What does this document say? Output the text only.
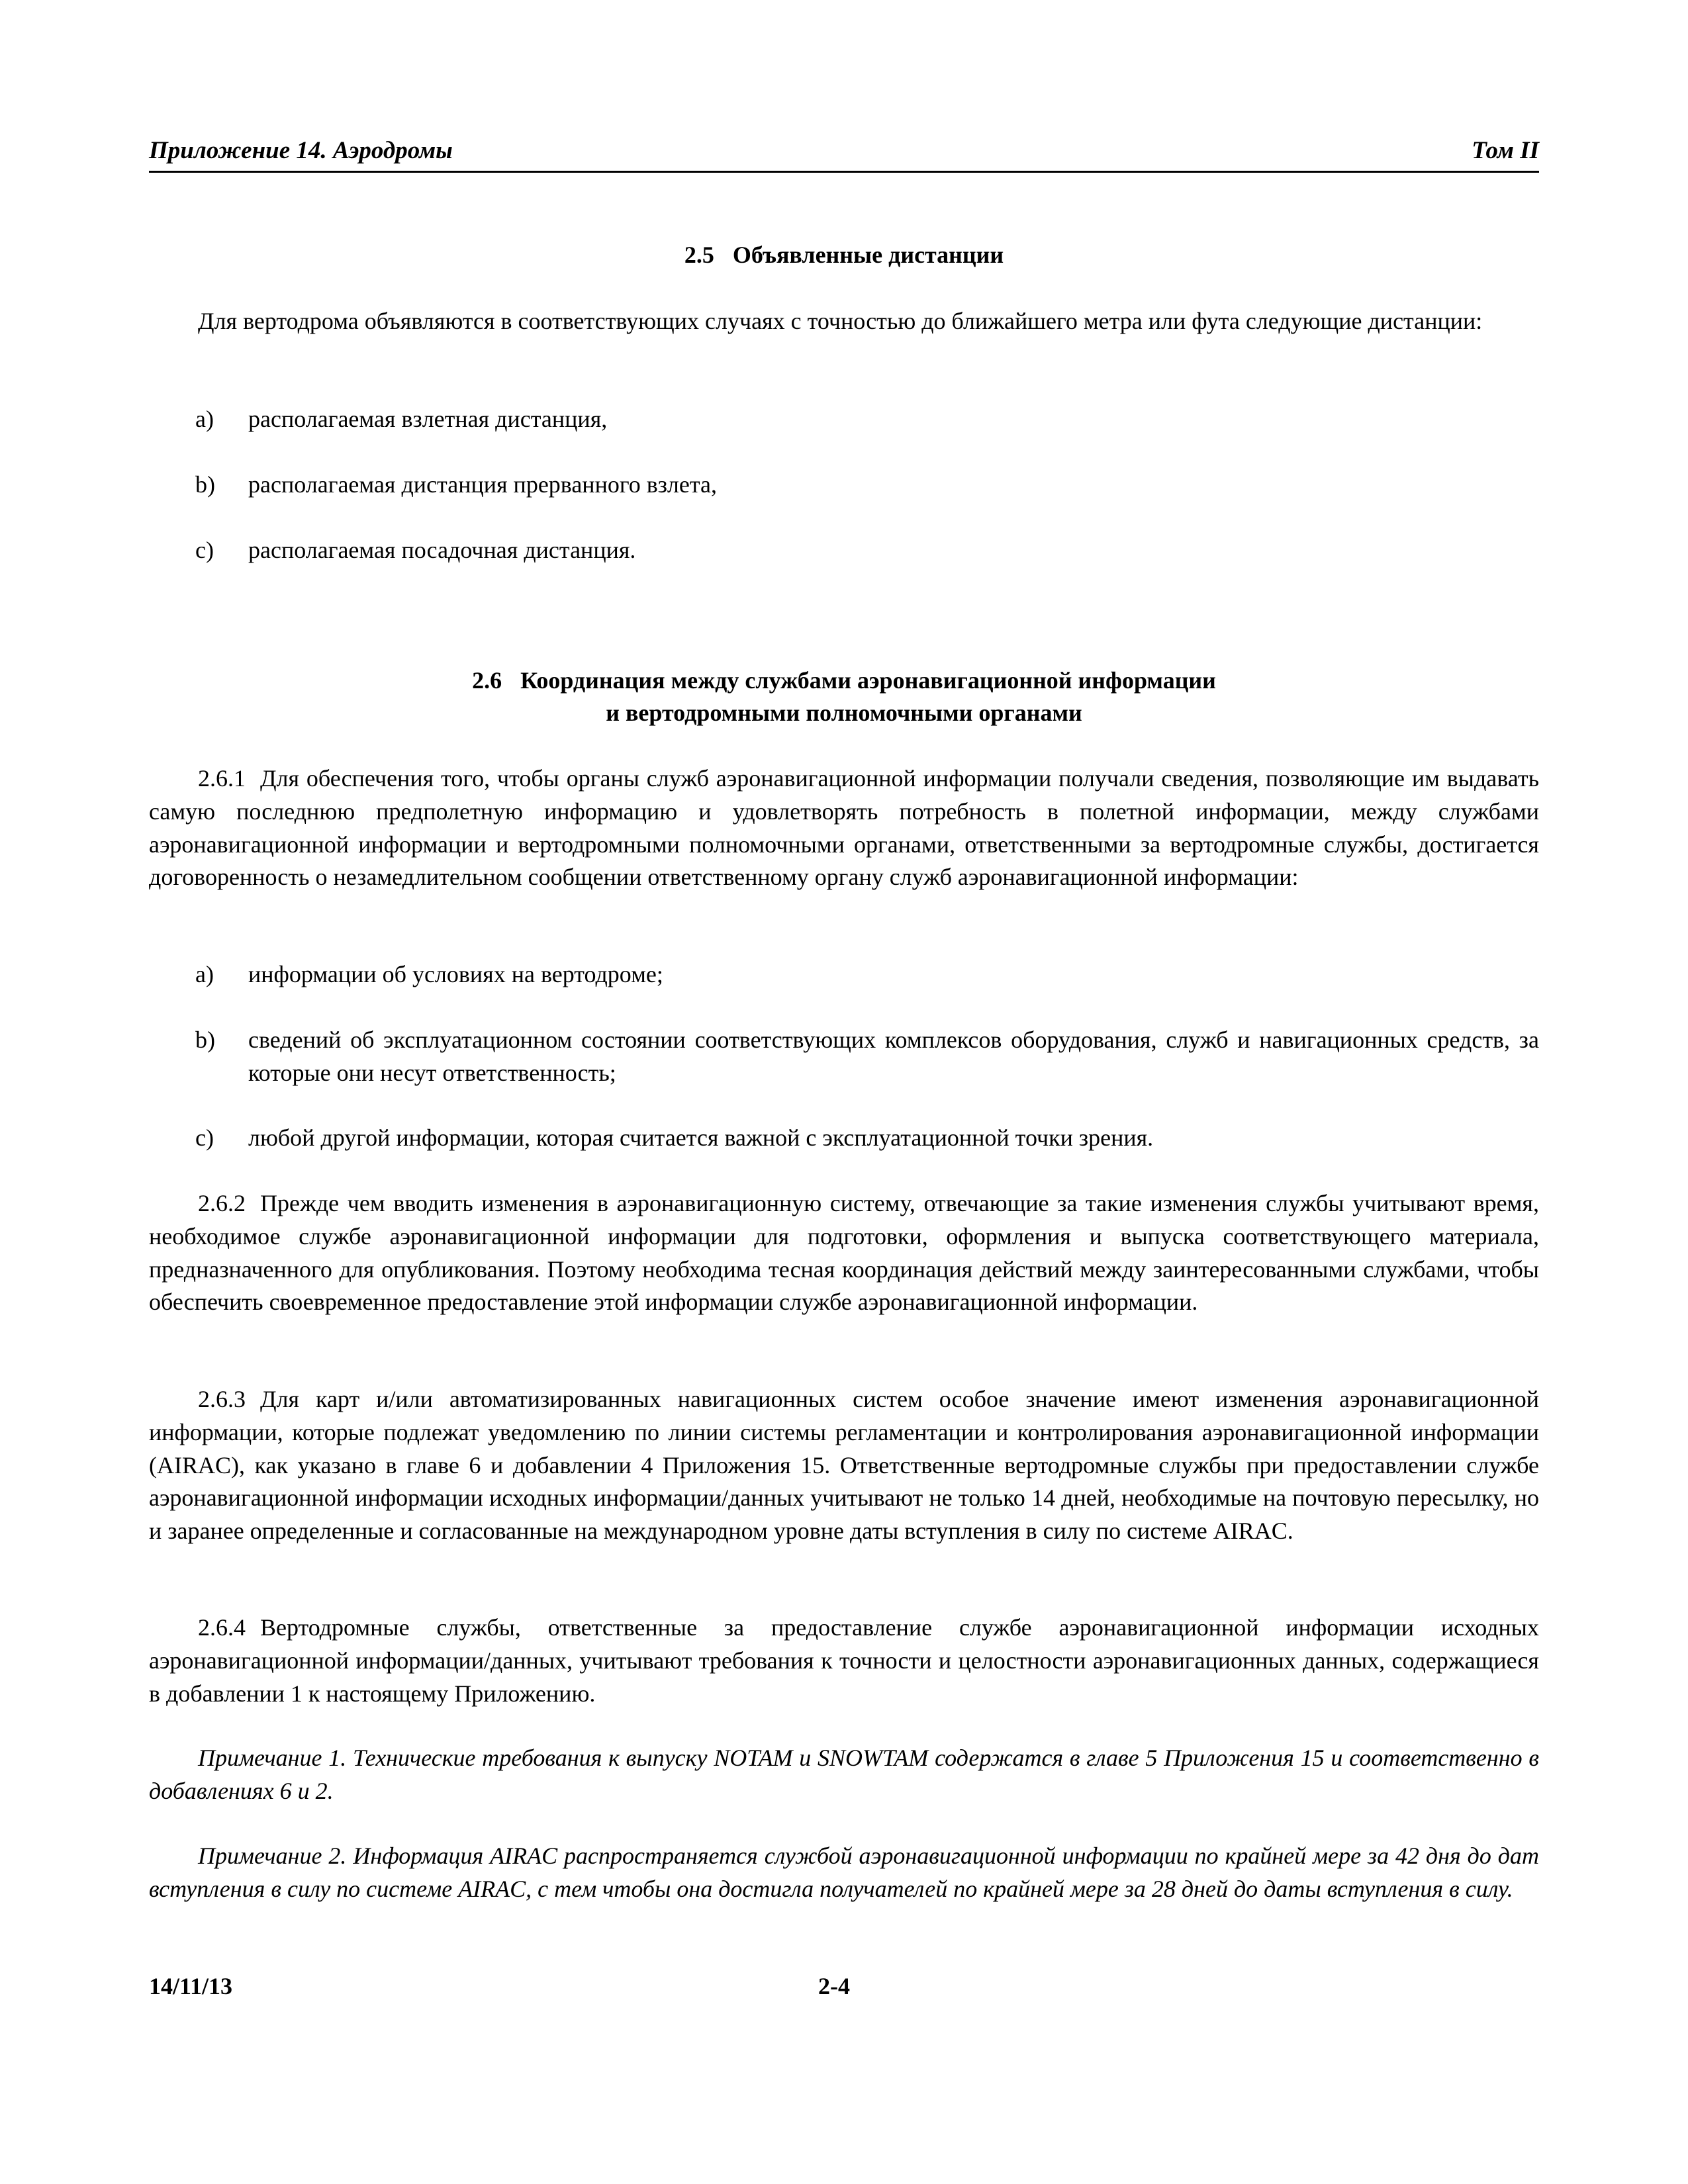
Приложение 14. Аэродромы	Том II
2.5 Объявленные дистанции
Для вертодрома объявляются в соответствующих случаях с точностью до ближайшего метра или фута следующие дистанции:
a) располагаемая взлетная дистанция,
b) располагаемая дистанция прерванного взлета,
c) располагаемая посадочная дистанция.
2.6 Координация между службами аэронавигационной информации
и вертодромными полномочными органами
2.6.1 Для обеспечения того, чтобы органы служб аэронавигационной информации получали сведения, позволяющие им выдавать самую последнюю предполетную информацию и удовлетворять потребность в полетной информации, между службами аэронавигационной информации и вертодромными полномочными органами, ответственными за вертодромные службы, достигается договоренность о незамедлительном сообщении ответственному органу служб аэронавигационной информации:
a) информации об условиях на вертодроме;
b) сведений об эксплуатационном состоянии соответствующих комплексов оборудования, служб и навигационных средств, за которые они несут ответственность;
c) любой другой информации, которая считается важной с эксплуатационной точки зрения.
2.6.2 Прежде чем вводить изменения в аэронавигационную систему, отвечающие за такие изменения службы учитывают время, необходимое службе аэронавигационной информации для подготовки, оформления и выпуска соответствующего материала, предназначенного для опубликования. Поэтому необходима тесная координация действий между заинтересованными службами, чтобы обеспечить своевременное предоставление этой информации службе аэронавигационной информации.
2.6.3 Для карт и/или автоматизированных навигационных систем особое значение имеют изменения аэронавигационной информации, которые подлежат уведомлению по линии системы регламентации и контролирования аэронавигационной информации (AIRAC), как указано в главе 6 и добавлении 4 Приложения 15. Ответственные вертодромные службы при предоставлении службе аэронавигационной информации исходных информации/данных учитывают не только 14 дней, необходимые на почтовую пересылку, но и заранее определенные и согласованные на международном уровне даты вступления в силу по системе AIRAC.
2.6.4 Вертодромные службы, ответственные за предоставление службе аэронавигационной информации исходных аэронавигационной информации/данных, учитывают требования к точности и целостности аэронавигационных данных, содержащиеся в добавлении 1 к настоящему Приложению.
Примечание 1. Технические требования к выпуску NOTAM и SNOWTAM содержатся в главе 5 Приложения 15 и соответственно в добавлениях 6 и 2.
Примечание 2. Информация AIRAC распространяется службой аэронавигационной информации по крайней мере за 42 дня до дат вступления в силу по системе AIRAC, с тем чтобы она достигла получателей по крайней мере за 28 дней до даты вступления в силу.
14/11/13	2-4
